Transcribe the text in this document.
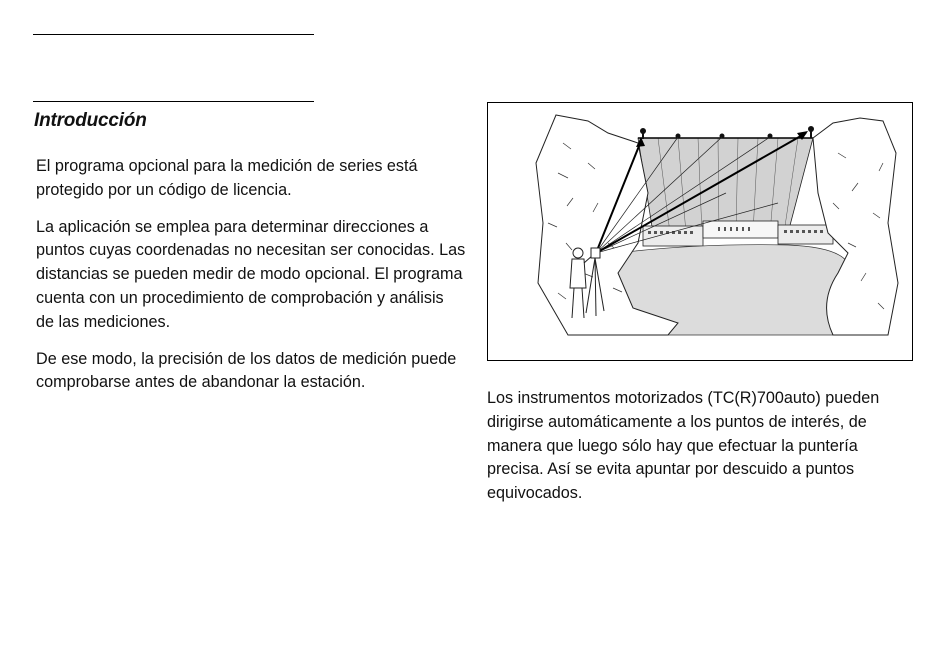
Introducción

El programa opcional para la medición de series está protegido por un código de licencia.

La aplicación se emplea para determinar direcciones a puntos cuyas coordenadas no necesitan ser conocidas. Las distancias se pueden medir de modo opcional. El programa cuenta con un procedimiento de comprobación y análisis de las mediciones.

De ese modo, la precisión de los datos de medición puede comprobarse antes de abandonar la estación.

Los instrumentos motorizados (TC(R)700auto) pueden dirigirse automáticamente a los puntos de interés, de manera que luego sólo hay que efectuar la puntería precisa. Así se evita apuntar por descuido a puntos equivocados.
